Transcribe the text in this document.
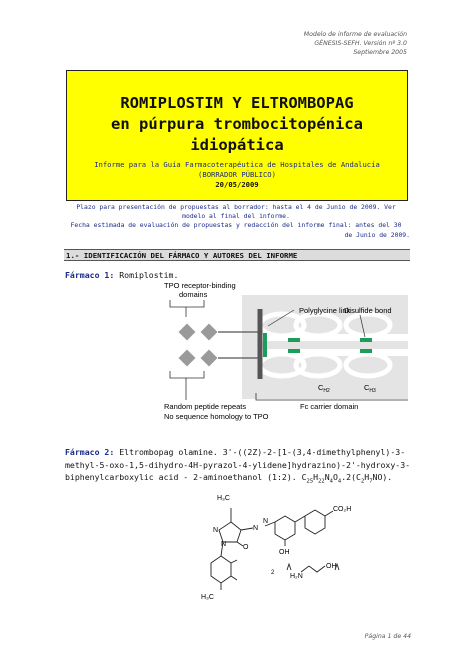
Modelo de informe de evaluación
GÉNESIS-SEFH. Versión nº 3.0
Septiembre 2005
ROMIPLOSTIM Y ELTROMBOPAG
en púrpura trombocitopénica
idiopática
Informe para la Guía Farmacoterapéutica de Hospitales de Andalucía
(BORRADOR PÚBLICO)
20/05/2009
Plazo para presentación de propuestas al borrador: hasta el 4 de Junio de 2009. Ver
modelo al final del informe.
Fecha estimada de evaluación de propuestas y redacción del informe final: antes del 30
de Junio de 2009.
1.- IDENTIFICACIÓN DEL FÁRMACO Y AUTORES DEL INFORME
Fármaco 1: Romiplostim.
TPO receptor-binding
domains
Polyglycine link
Disulfide bond
$C_{H2}$	$C_{H3}$
Random peptide repeats
No sequence homology to TPO
Fc carrier domain
Fármaco 2: Eltrombopag olamine. 3'-((2Z)-2-[1-(3,4-dimethylphenyl)-3-
methyl-5-oxo-1,5-dihydro-4H-pyrazol-4-ylidene]hydrazino)-2'-hydroxy-3-
biphenylcarboxylic acid - 2-aminoethanol (1:2). $C_{25}H_{22}N_4O_4.2(C_2H_7NO)$.
H₃C
N
N
N
N O
OH
CO₂H
2 H₂N
OH
H₃C
Página 1 de 44
